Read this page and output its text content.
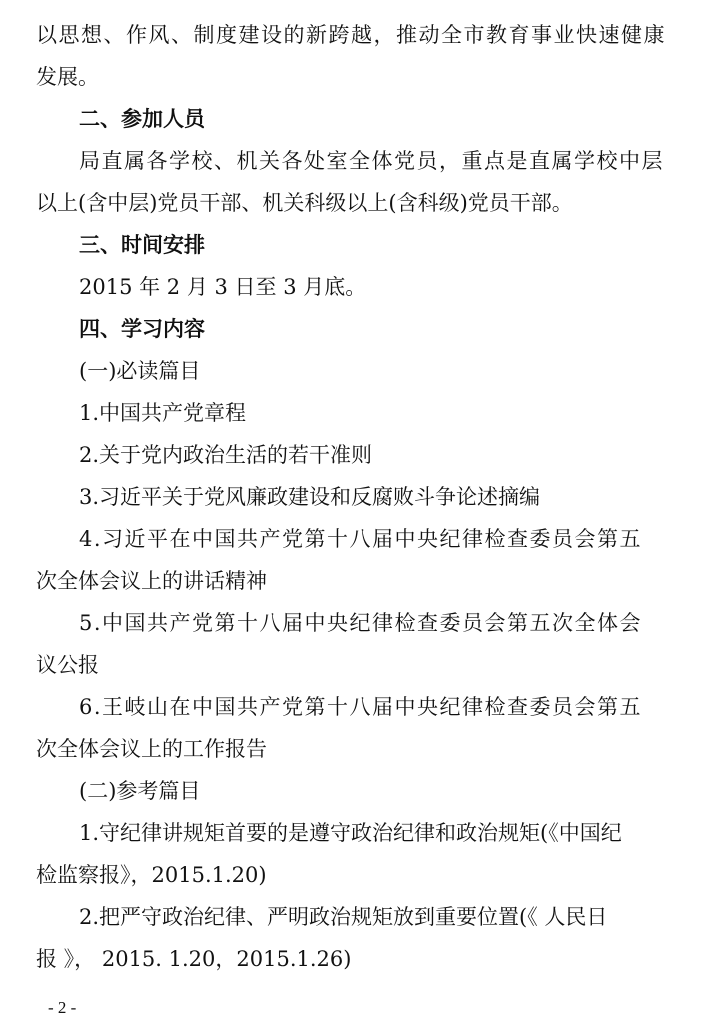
以思想、作风、制度建设的新跨越，推动全市教育事业快速健康
发展。
二、参加人员
局直属各学校、机关各处室全体党员，重点是直属学校中层
以上(含中层)党员干部、机关科级以上(含科级)党员干部。
三、时间安排
2015 年 2 月 3 日至 3 月底。
四、学习内容
(一)必读篇目
1.中国共产党章程
2.关于党内政治生活的若干准则
3.习近平关于党风廉政建设和反腐败斗争论述摘编
4.习近平在中国共产党第十八届中央纪律检查委员会第五
次全体会议上的讲话精神
5.中国共产党第十八届中央纪律检查委员会第五次全体会
议公报
6.王岐山在中国共产党第十八届中央纪律检查委员会第五
次全体会议上的工作报告
(二)参考篇目
1.守纪律讲规矩首要的是遵守政治纪律和政治规矩(《中国纪
检监察报》，2015.1.20)
2.把严守政治纪律、严明政治规矩放到重要位置(《 人民日
报 》， 2015. 1.20，2015.1.26)
- 2 -
